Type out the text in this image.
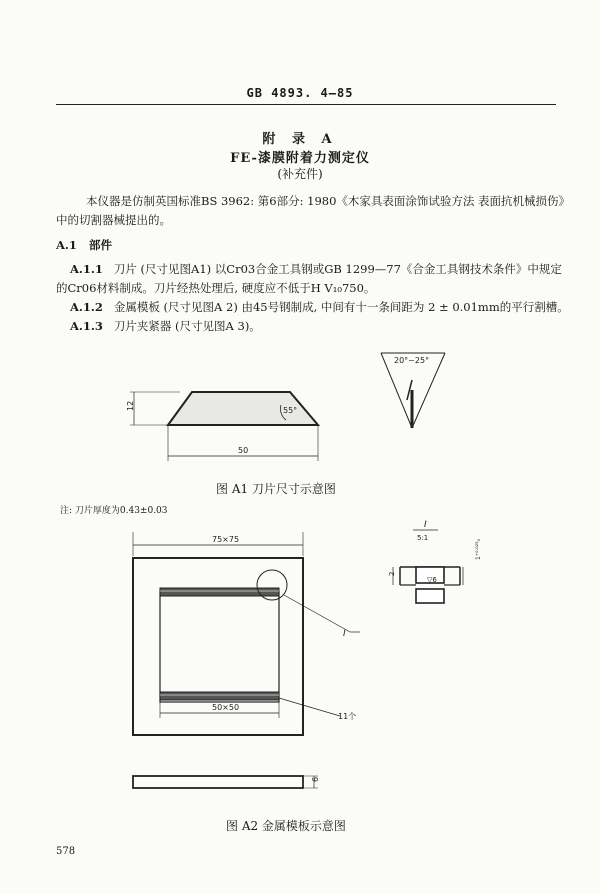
GB 4893. 4—85
附 录 A
FE-漆膜附着力测定仪
(补充件)
本仪器是仿制英国标准BS 3962: 第6部分: 1980《木家具表面涂饰试验方法 表面抗机械损伤》
中的切割器械提出的。
A.1 部件
A.1.1 刀片 (尺寸见图A1) 以Cr03合金工具钢或GB 1299—77《合金工具钢技术条件》中规定
的Cr06材料制成。刀片经热处理后, 硬度应不低于H V₁₀750。
A.1.2 金属模板 (尺寸见图A 2) 由45号钢制成, 中间有十一条间距为 2 ± 0.01mm的平行割槽。
A.1.3 刀片夹紧器 (尺寸见图A 3)。
20°~25°
55°
12
50
75×75
50×50
I
11个
6
I
5:1
2
1⁺⁰·⁰²⁵₀
▽6
图 A1 刀片尺寸示意图
注: 刀片厚度为0.43±0.03
图 A2 金属模板示意图
578
